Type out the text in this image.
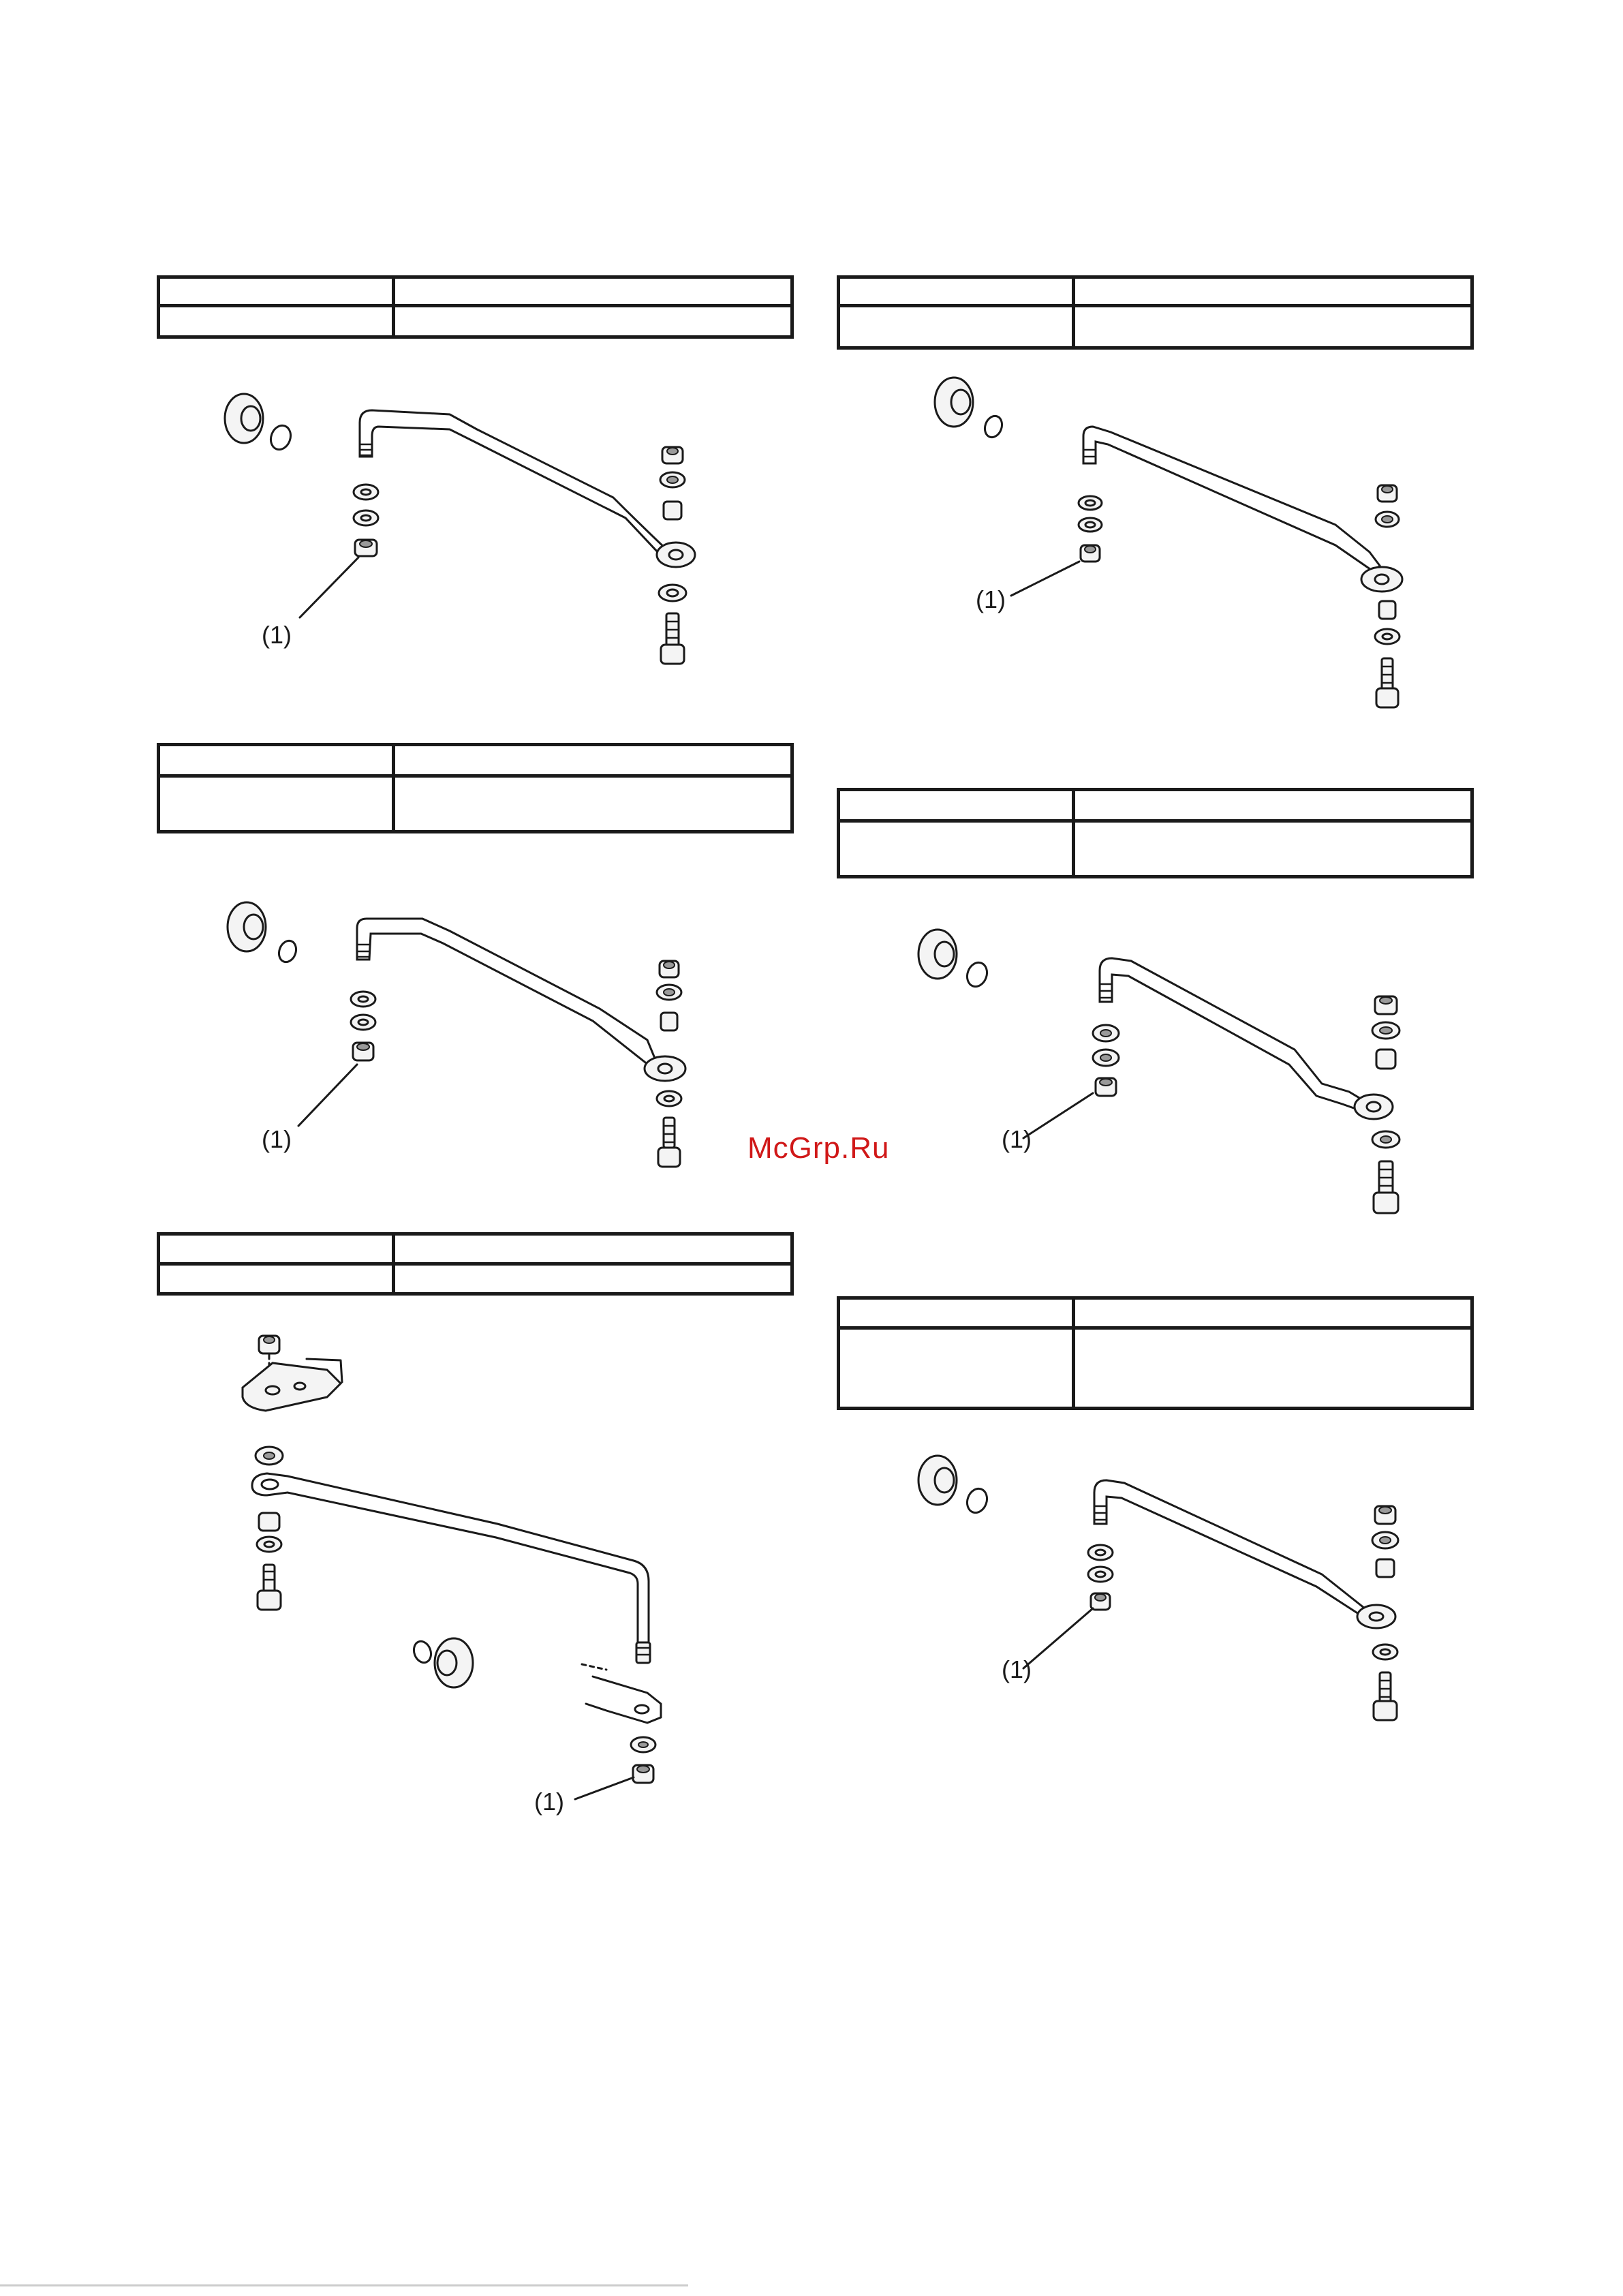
(1)
(1)
(1)	(1)
(1)
(1)
McGrp.Ru
